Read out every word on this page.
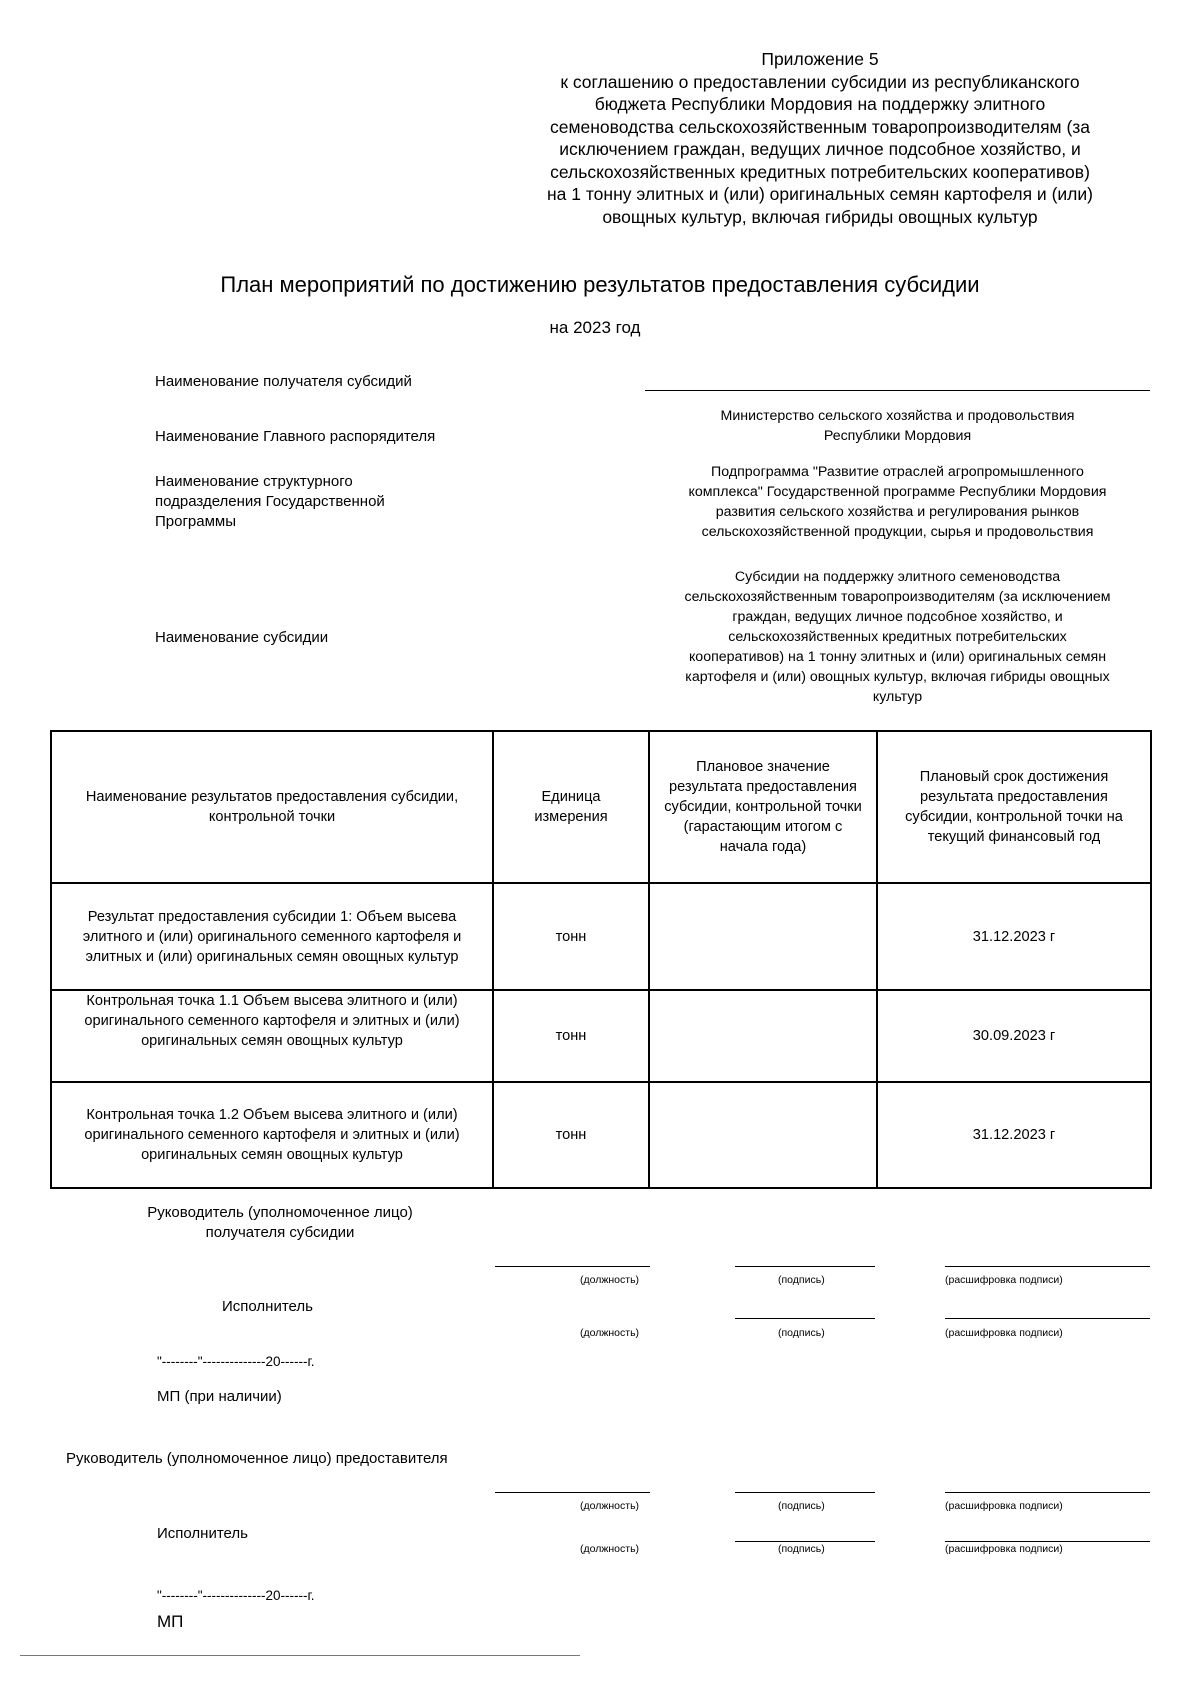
Приложение 5
к соглашению о предоставлении субсидии из республиканского
бюджета Республики Мордовия на поддержку элитного
семеноводства сельскохозяйственным товаропроизводителям (за
исключением граждан, ведущих личное подсобное хозяйство, и
сельскохозяйственных кредитных потребительских кооперативов)
на 1 тонну элитных и (или) оригинальных семян картофеля и (или)
овощных культур, включая гибриды овощных культур
План мероприятий по достижению результатов предоставления субсидии
на 2023 год
Наименование получателя субсидий
Наименование Главного распорядителя
Министерство сельского хозяйства и продовольствия
Республики Мордовия
Наименование структурного
подразделения Государственной
Программы
Подпрограмма "Развитие отраслей агропромышленного
комплекса" Государственной программе Республики Мордовия
развития сельского хозяйства и регулирования рынков
сельскохозяйственной продукции, сырья и продовольствия
Наименование субсидии
Субсидии на поддержку элитного семеноводства
сельскохозяйственным товаропроизводителям (за исключением
граждан, ведущих личное подсобное хозяйство, и
сельскохозяйственных кредитных потребительских
кооперативов) на 1 тонну элитных и (или) оригинальных семян
картофеля и (или) овощных культур, включая гибриды овощных
культур
Наименование результатов предоставления субсидии,
контрольной точки	Единица
измерения	Плановое значение
результата предоставления
субсидии, контрольной точки
(гарастающим итогом с
начала года)	Плановый срок достижения
результата предоставления
субсидии, контрольной точки на
текущий финансовый год

Результат предоставления субсидии 1: Объем высева
элитного и (или) оригинального семенного картофеля и
элитных и (или) оригинальных семян овощных культур	тонн		31.12.2023 г

Контрольная точка 1.1 Объем высева элитного и (или)
оригинального семенного картофеля и элитных и (или)
оригинальных семян овощных культур	тонн		30.09.2023 г

Контрольная точка 1.2 Объем высева элитного и (или)
оригинального семенного картофеля и элитных и (или)
оригинальных семян овощных культур	тонн		31.12.2023 г
Руководитель (уполномоченное лицо)
получателя субсидии
(должность)	(подпись)	(расшифровка подписи)
Исполнитель
(должность)	(подпись)	(расшифровка подписи)
"--------"--------------20------г.
МП (при наличии)
Руководитель (уполномоченное лицо) предоставителя
(должность)	(подпись)	(расшифровка подписи)
Исполнитель
(должность)	(подпись)	(расшифровка подписи)
"--------"--------------20------г.
МП
